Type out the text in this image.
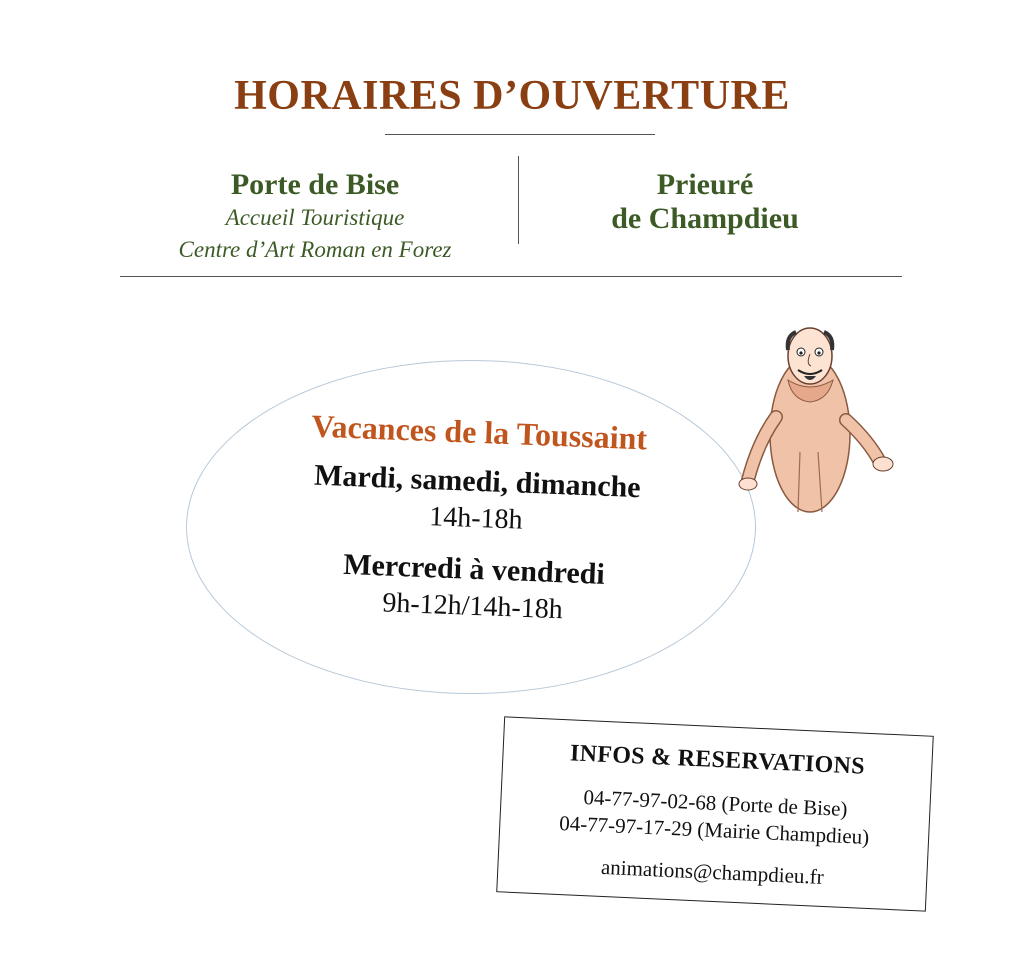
HORAIRES D’OUVERTURE
Porte de Bise
Accueil Touristique
Centre d’Art Roman en Forez
Prieuré
de Champdieu
Vacances de la Toussaint
Mardi, samedi, dimanche
14h-18h
Mercredi à vendredi
9h-12h/14h-18h
INFOS & RESERVATIONS
04-77-97-02-68 (Porte de Bise)
04-77-97-17-29 (Mairie Champdieu)
animations@champdieu.fr
